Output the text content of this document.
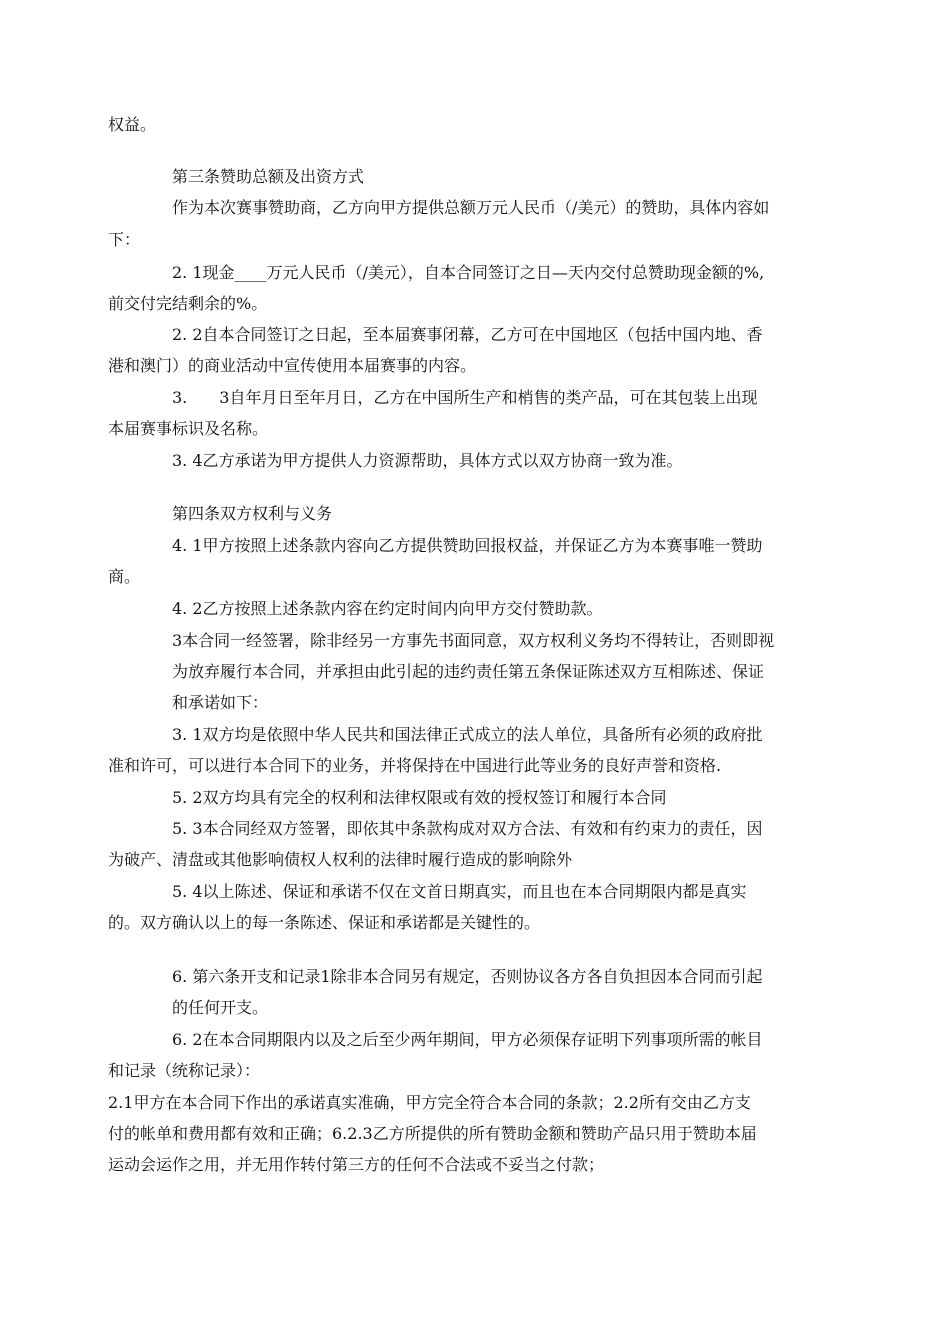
权益。
第三条赞助总额及出资方式
作为本次赛事赞助商，乙方向甲方提供总额万元人民币（/美元）的赞助，具体内容如
下：
2. 1现金____万元人民币（/美元），自本合同签订之日—天内交付总赞助现金额的%,
前交付完结剩余的%。
2. 2自本合同签订之日起，至本届赛事闭幕，乙方可在中国地区（包括中国内地、香
港和澳门）的商业活动中宣传使用本届赛事的内容。
3.　　3自年月日至年月日，乙方在中国所生产和梢售的类产品，可在其包装上出现
本届赛事标识及名称。
3. 4乙方承诺为甲方提供人力资源帮助，具体方式以双方协商一致为准。
第四条双方权利与义务
4. 1甲方按照上述条款内容向乙方提供赞助回报权益，并保证乙方为本赛事唯一赞助
商。
4. 2乙方按照上述条款内容在约定时间内向甲方交付赞助款。
3本合同一经签署，除非经另一方事先书面同意，双方权利义务均不得转让，否则即视
为放弃履行本合同，并承担由此引起的违约责任第五条保证陈述双方互相陈述、保证
和承诺如下：
3. 1双方均是依照中华人民共和国法律正式成立的法人单位，具备所有必须的政府批
准和许可，可以进行本合同下的业务，并将保持在中国进行此等业务的良好声誉和资格.
5. 2双方均具有完全的权利和法律权限或有效的授权签订和履行本合同
5. 3本合同经双方签署，即依其中条款构成对双方合法、有效和有约束力的责任，因
为破产、清盘或其他影响债权人权利的法律时履行造成的影响除外
5. 4以上陈述、保证和承诺不仅在文首日期真实，而且也在本合同期限内都是真实
的。双方确认以上的每一条陈述、保证和承诺都是关键性的。
6. 第六条开支和记录1除非本合同另有规定，否则协议各方各自负担因本合同而引起
的任何开支。
6. 2在本合同期限内以及之后至少两年期间，甲方必须保存证明下列事项所需的帐目
和记录（统称记录）：
2.1甲方在本合同下作出的承诺真实准确，甲方完全符合本合同的条款；2.2所有交由乙方支
付的帐单和费用都有效和正确；6.2.3乙方所提供的所有赞助金额和赞助产品只用于赞助本届
运动会运作之用，并无用作转付第三方的任何不合法或不妥当之付款；
